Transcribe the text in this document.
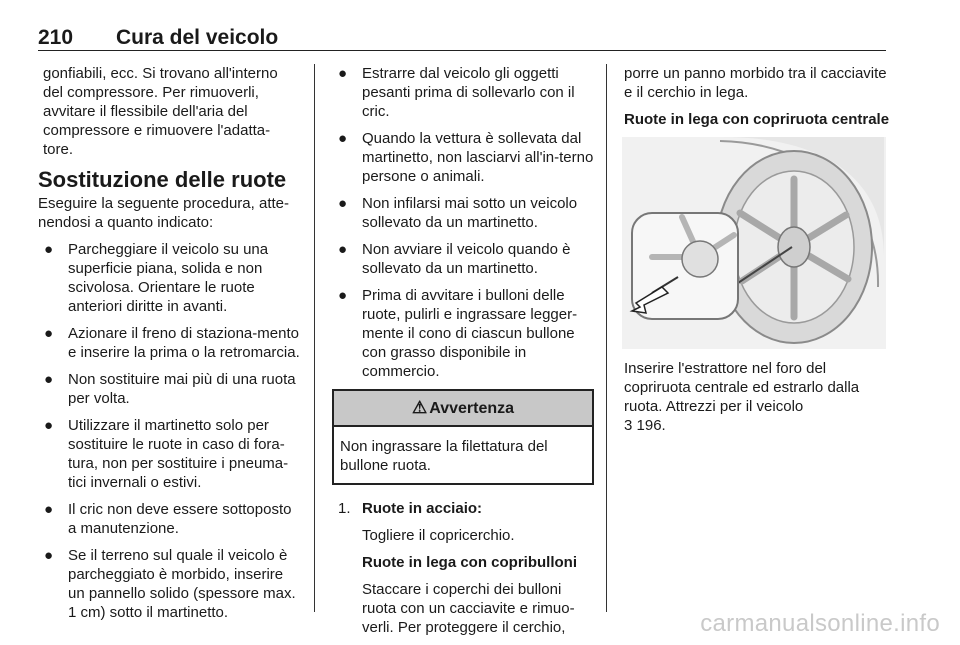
210 Cura del veicolo

gonfiabili, ecc. Si trovano all'interno del compressore. Per rimuoverli, avvitare il flessibile dell'aria del compressore e rimuovere l'adatta-tore.

Sostituzione delle ruote

Eseguire la seguente procedura, atte-nendosi a quanto indicato:

● Parcheggiare il veicolo su una superficie piana, solida e non scivolosa. Orientare le ruote anteriori diritte in avanti.
● Azionare il freno di staziona-mento e inserire la prima o la retromarcia.
● Non sostituire mai più di una ruota per volta.
● Utilizzare il martinetto solo per sostituire le ruote in caso di fora-tura, non per sostituire i pneuma-tici invernali o estivi.
● Il cric non deve essere sottoposto a manutenzione.
● Se il terreno sul quale il veicolo è parcheggiato è morbido, inserire un pannello solido (spessore max. 1 cm) sotto il martinetto.
● Estrarre dal veicolo gli oggetti pesanti prima di sollevarlo con il cric.
● Quando la vettura è sollevata dal martinetto, non lasciarvi all'in-terno persone o animali.
● Non infilarsi mai sotto un veicolo sollevato da un martinetto.
● Non avviare il veicolo quando è sollevato da un martinetto.
● Prima di avvitare i bulloni delle ruote, pulirli e ingrassare legger-mente il cono di ciascun bullone con grasso disponibile in commercio.
⚠ Avvertenza
Non ingrassare la filettatura del bullone ruota.
1. Ruote in acciaio:

Togliere il copricerchio.

Ruote in lega con copribulloni

Staccare i coperchi dei bulloni ruota con un cacciavite e rimuo-verli. Per proteggere il cerchio,

porre un panno morbido tra il cacciavite e il cerchio in lega.

Ruote in lega con copriruota centrale

Inserire l'estrattore nel foro del copriruota centrale ed estrarlo dalla ruota. Attrezzi per il veicolo
3 196.

carmanualsonline.info
